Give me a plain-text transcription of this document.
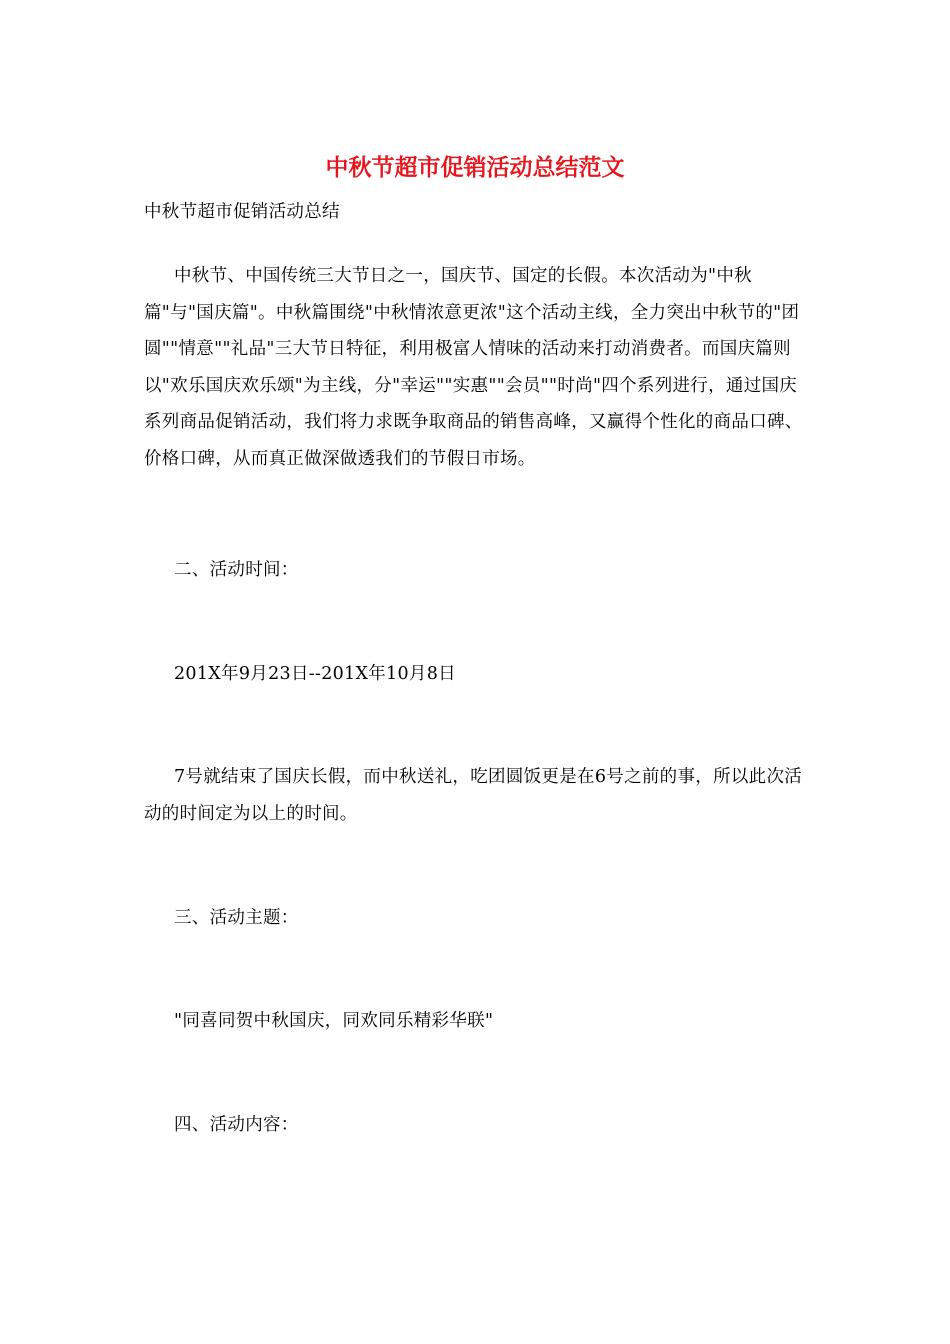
中秋节超市促销活动总结范文

中秋节超市促销活动总结

中秋节、中国传统三大节日之一，国庆节、国定的长假。本次活动为"中秋篇"与"国庆篇"。中秋篇围绕"中秋情浓意更浓"这个活动主线，全力突出中秋节的"团圆""情意""礼品"三大节日特征，利用极富人情味的活动来打动消费者。而国庆篇则以"欢乐国庆欢乐颂"为主线，分"幸运""实惠""会员""时尚"四个系列进行，通过国庆系列商品促销活动，我们将力求既争取商品的销售高峰，又赢得个性化的商品口碑、价格口碑，从而真正做深做透我们的节假日市场。

二、活动时间：

201X年9月23日--201X年10月8日

7号就结束了国庆长假，而中秋送礼，吃团圆饭更是在6号之前的事，所以此次活动的时间定为以上的时间。

三、活动主题：

"同喜同贺中秋国庆，同欢同乐精彩华联"

四、活动内容：
